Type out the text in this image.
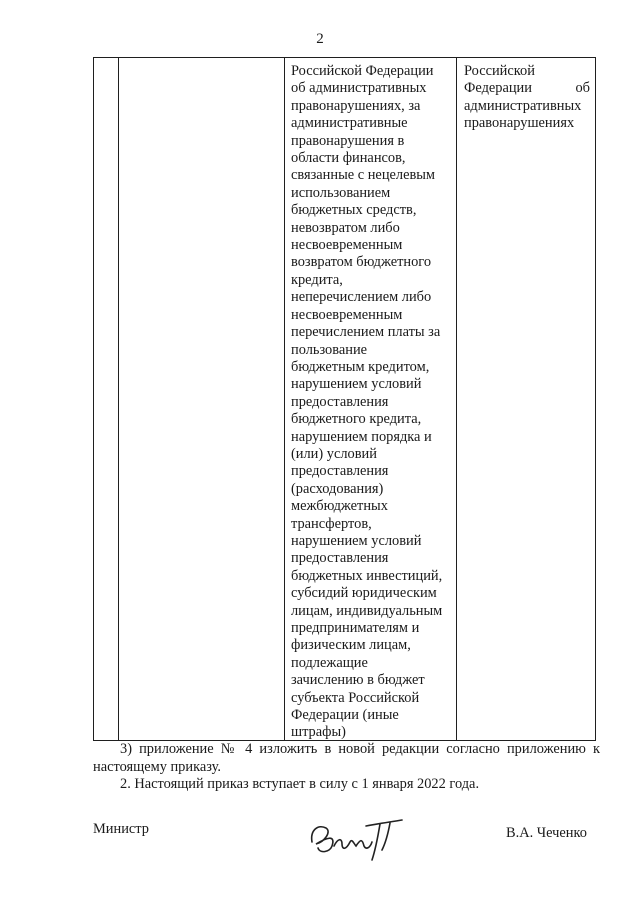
2
Российской Федерации
об административных
правонарушениях, за
административные
правонарушения в
области финансов,
связанные с нецелевым
использованием
бюджетных средств,
невозвратом либо
несвоевременным
возвратом бюджетного
кредита,
неперечислением либо
несвоевременным
перечислением платы за
пользование
бюджетным кредитом,
нарушением условий
предоставления
бюджетного кредита,
нарушением порядка и
(или) условий
предоставления
(расходования)
межбюджетных
трансфертов,
нарушением условий
предоставления
бюджетных инвестиций,
субсидий юридическим
лицам, индивидуальным
предпринимателям и
физическим лицам,
подлежащие
зачислению в бюджет
субъекта Российской
Федерации (иные
штрафы)
Российской
Федерации	об
административных
правонарушениях
3) приложение № 4 изложить в новой редакции согласно приложению к настоящему приказу.
2. Настоящий приказ вступает в силу с 1 января 2022 года.
Министр	В.А. Чеченко
